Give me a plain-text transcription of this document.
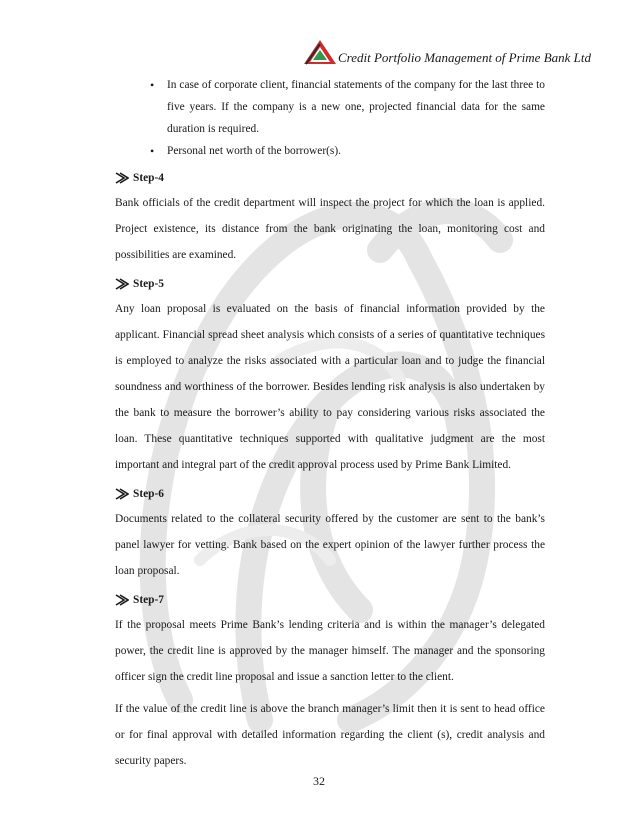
Credit Portfolio Management of Prime Bank Ltd
• In case of corporate client, financial statements of the company for the last three to five years. If the company is a new one, projected financial data for the same duration is required.
• Personal net worth of the borrower(s).
Step-4

Bank officials of the credit department will inspect the project for which the loan is applied. Project existence, its distance from the bank originating the loan, monitoring cost and possibilities are examined.

Step-5

Any loan proposal is evaluated on the basis of financial information provided by the applicant. Financial spread sheet analysis which consists of a series of quantitative techniques is employed to analyze the risks associated with a particular loan and to judge the financial soundness and worthiness of the borrower. Besides lending risk analysis is also undertaken by the bank to measure the borrower’s ability to pay considering various risks associated the loan. These quantitative techniques supported with qualitative judgment are the most important and integral part of the credit approval process used by Prime Bank Limited.

Step-6

Documents related to the collateral security offered by the customer are sent to the bank’s panel lawyer for vetting. Bank based on the expert opinion of the lawyer further process the loan proposal.

Step-7

If the proposal meets Prime Bank’s lending criteria and is within the manager’s delegated power, the credit line is approved by the manager himself. The manager and the sponsoring officer sign the credit line proposal and issue a sanction letter to the client.

If the value of the credit line is above the branch manager’s limit then it is sent to head office or for final approval with detailed information regarding the client (s), credit analysis and security papers.

32
